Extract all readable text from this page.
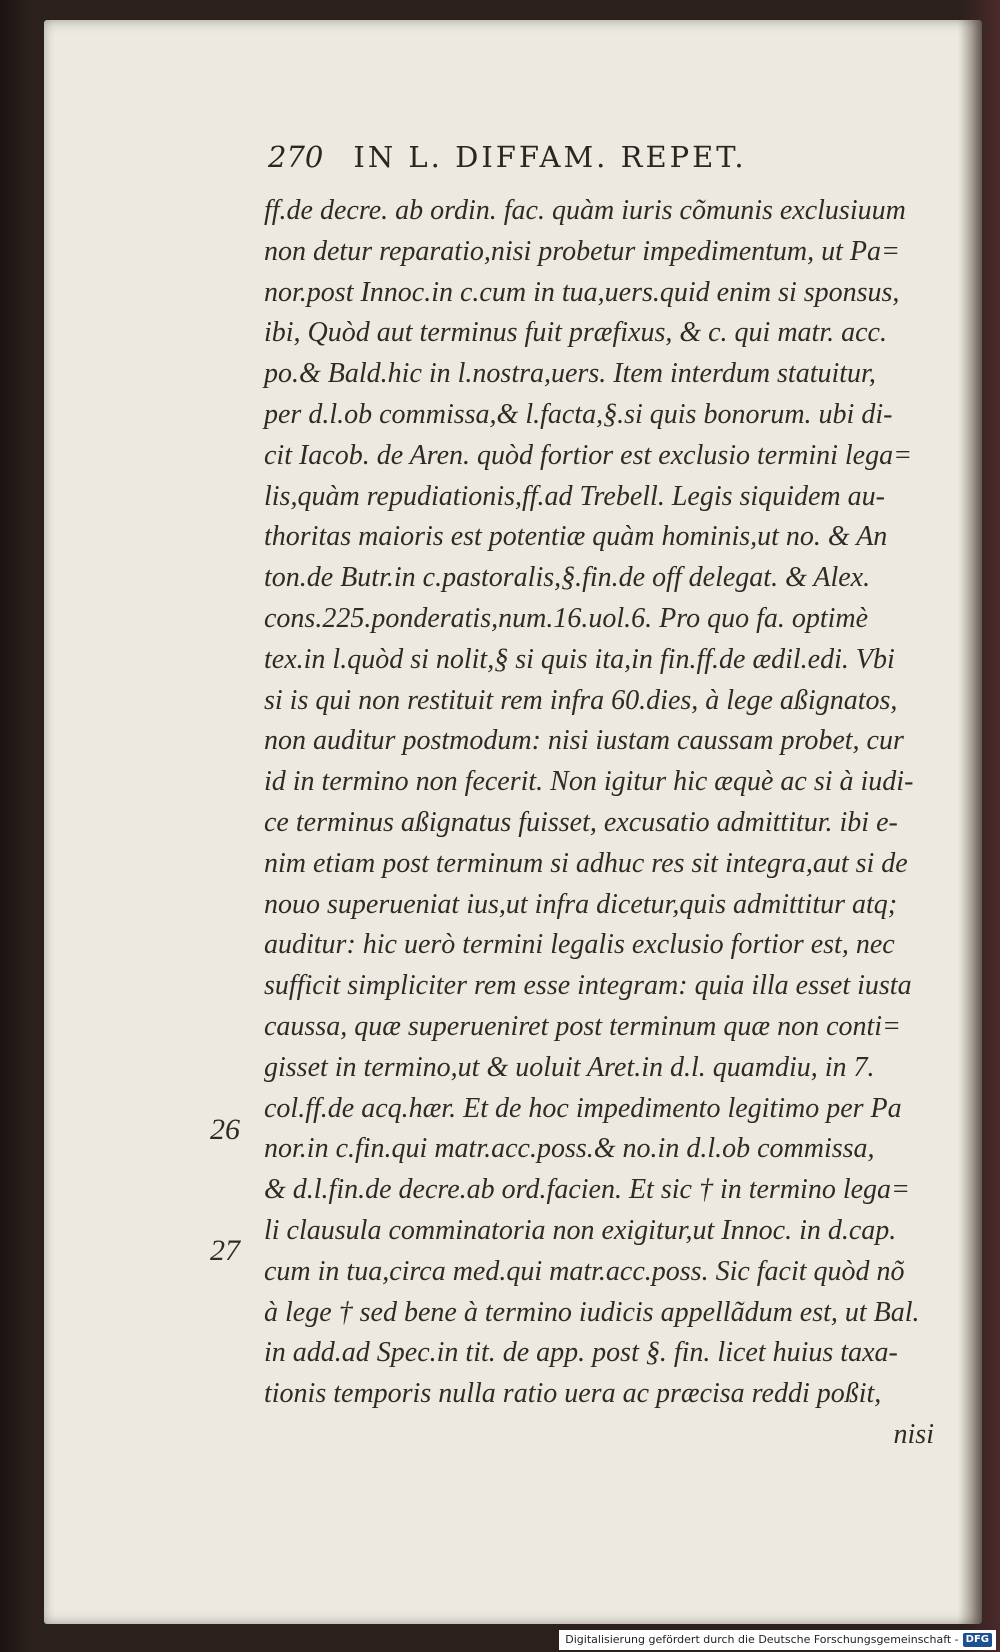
270 IN L. DIFFAM. REPET.
26
27
ff.de decre. ab ordin. fac. quàm iuris cõmunis exclusiuum
non detur reparatio,nisi probetur impedimentum, ut Pa=
nor.post Innoc.in c.cum in tua,uers.quid enim si sponsus,
ibi, Quòd aut terminus fuit præfixus, & c. qui matr. acc.
po.& Bald.hic in l.nostra,uers. Item interdum statuitur,
per d.l.ob commissa,& l.facta,§.si quis bonorum. ubi di-
cit Iacob. de Aren. quòd fortior est exclusio termini lega=
lis,quàm repudiationis,ff.ad Trebell. Legis siquidem au-
thoritas maioris est potentiæ quàm hominis,ut no. & An
ton.de Butr.in c.pastoralis,§.fin.de off delegat. & Alex.
cons.225.ponderatis,num.16.uol.6. Pro quo fa. optimè
tex.in l.quòd si nolit,§ si quis ita,in fin.ff.de ædil.edi. Vbi
si is qui non restituit rem infra 60.dies, à lege aßignatos,
non auditur postmodum: nisi iustam caussam probet, cur
id in termino non fecerit. Non igitur hic æquè ac si à iudi-
ce terminus aßignatus fuisset, excusatio admittitur. ibi e-
nim etiam post terminum si adhuc res sit integra,aut si de
nouo superueniat ius,ut infra dicetur,quis admittitur atq;
auditur: hic uerò termini legalis exclusio fortior est, nec
sufficit simpliciter rem esse integram: quia illa esset iusta
caussa, quæ superueniret post terminum quæ non conti=
gisset in termino,ut & uoluit Aret.in d.l. quamdiu, in 7.
col.ff.de acq.hær. Et de hoc impedimento legitimo per Pa
nor.in c.fin.qui matr.acc.poss.& no.in d.l.ob commissa,
& d.l.fin.de decre.ab ord.facien. Et sic † in termino lega=
li clausula comminatoria non exigitur,ut Innoc. in d.cap.
cum in tua,circa med.qui matr.acc.poss. Sic facit quòd nõ
à lege † sed bene à termino iudicis appellãdum est, ut Bal.
in add.ad Spec.in tit. de app. post §. fin. licet huius taxa-
tionis temporis nulla ratio uera ac præcisa reddi poßit,
nisi
Digitalisierung gefördert durch die Deutsche Forschungsgemeinschaft - DFG
